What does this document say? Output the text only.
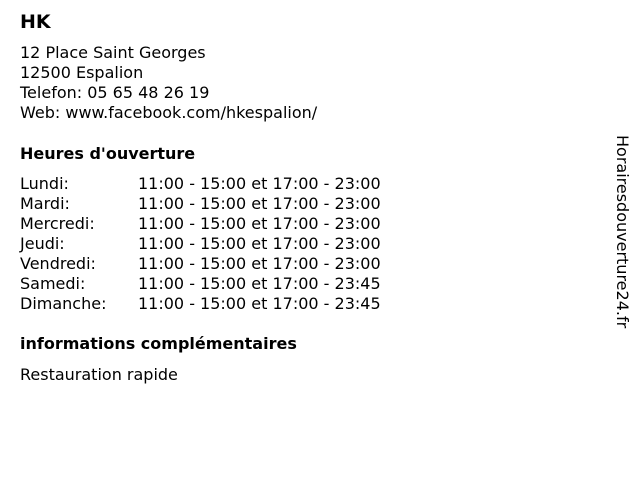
HK
12 Place Saint Georges
12500 Espalion
Telefon: 05 65 48 26 19
Web: www.facebook.com/hkespalion/
Heures d'ouverture
Lundi:	11:00 - 15:00 et 17:00 - 23:00
Mardi:	11:00 - 15:00 et 17:00 - 23:00
Mercredi:	11:00 - 15:00 et 17:00 - 23:00
Jeudi:	11:00 - 15:00 et 17:00 - 23:00
Vendredi:	11:00 - 15:00 et 17:00 - 23:00
Samedi:	11:00 - 15:00 et 17:00 - 23:45
Dimanche:	11:00 - 15:00 et 17:00 - 23:45
informations complémentaires
Restauration rapide
Horairesdouverture24.fr
